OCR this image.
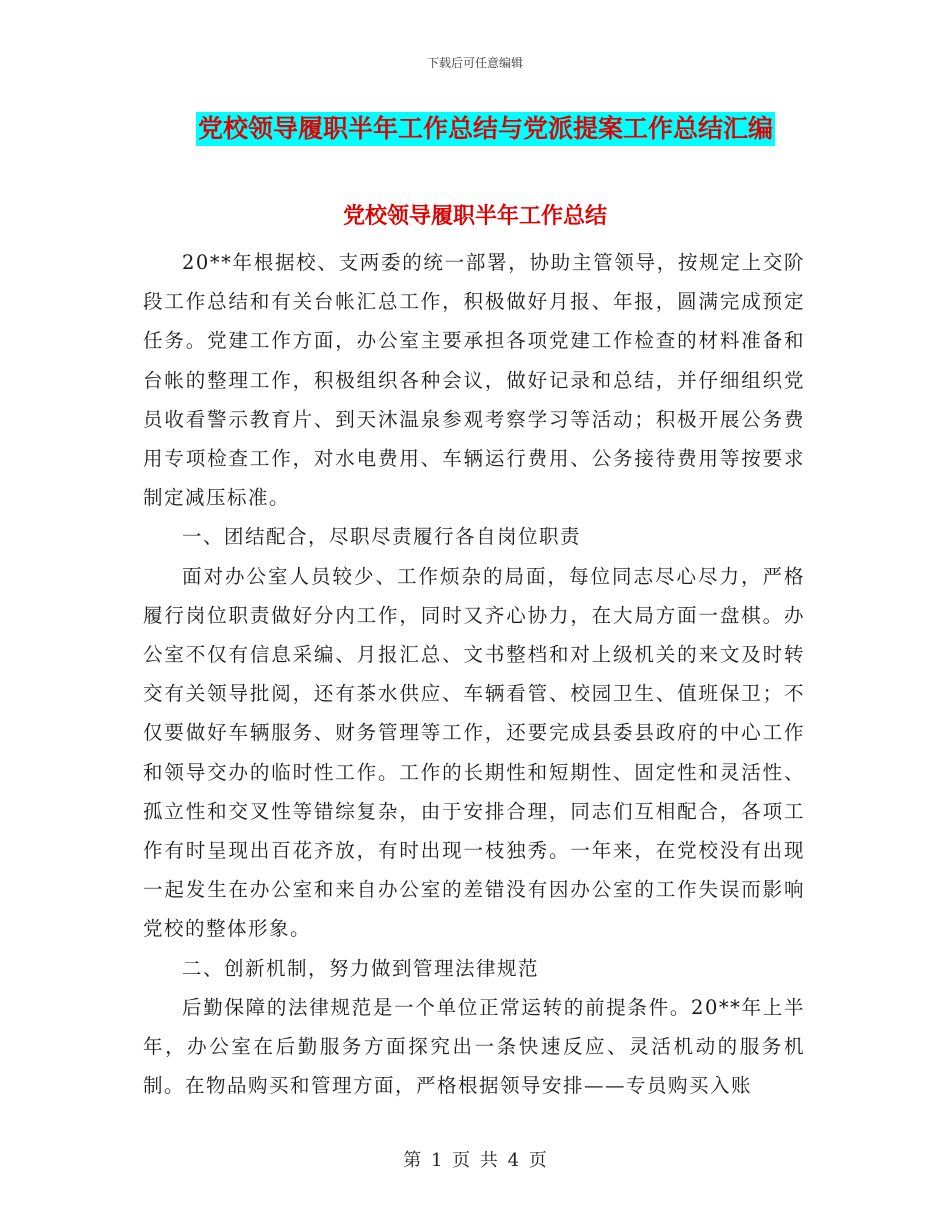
下载后可任意编辑
党校领导履职半年工作总结与党派提案工作总结汇编
党校领导履职半年工作总结

20**年根据校、支两委的统一部署，协助主管领导，按规定上交阶段工作总结和有关台帐汇总工作，积极做好月报、年报，圆满完成预定任务。党建工作方面，办公室主要承担各项党建工作检查的材料准备和台帐的整理工作，积极组织各种会议，做好记录和总结，并仔细组织党员收看警示教育片、到天沐温泉参观考察学习等活动；积极开展公务费用专项检查工作，对水电费用、车辆运行费用、公务接待费用等按要求制定减压标准。

一、团结配合，尽职尽责履行各自岗位职责

面对办公室人员较少、工作烦杂的局面，每位同志尽心尽力，严格履行岗位职责做好分内工作，同时又齐心协力，在大局方面一盘棋。办公室不仅有信息采编、月报汇总、文书整档和对上级机关的来文及时转交有关领导批阅，还有茶水供应、车辆看管、校园卫生、值班保卫；不仅要做好车辆服务、财务管理等工作，还要完成县委县政府的中心工作和领导交办的临时性工作。工作的长期性和短期性、固定性和灵活性、孤立性和交叉性等错综复杂，由于安排合理，同志们互相配合，各项工作有时呈现出百花齐放，有时出现一枝独秀。一年来，在党校没有出现一起发生在办公室和来自办公室的差错没有因办公室的工作失误而影响党校的整体形象。

二、创新机制，努力做到管理法律规范

后勤保障的法律规范是一个单位正常运转的前提条件。20**年上半年，办公室在后勤服务方面探究出一条快速反应、灵活机动的服务机制。在物品购买和管理方面，严格根据领导安排——专员购买入账

第 1 页 共 4 页
